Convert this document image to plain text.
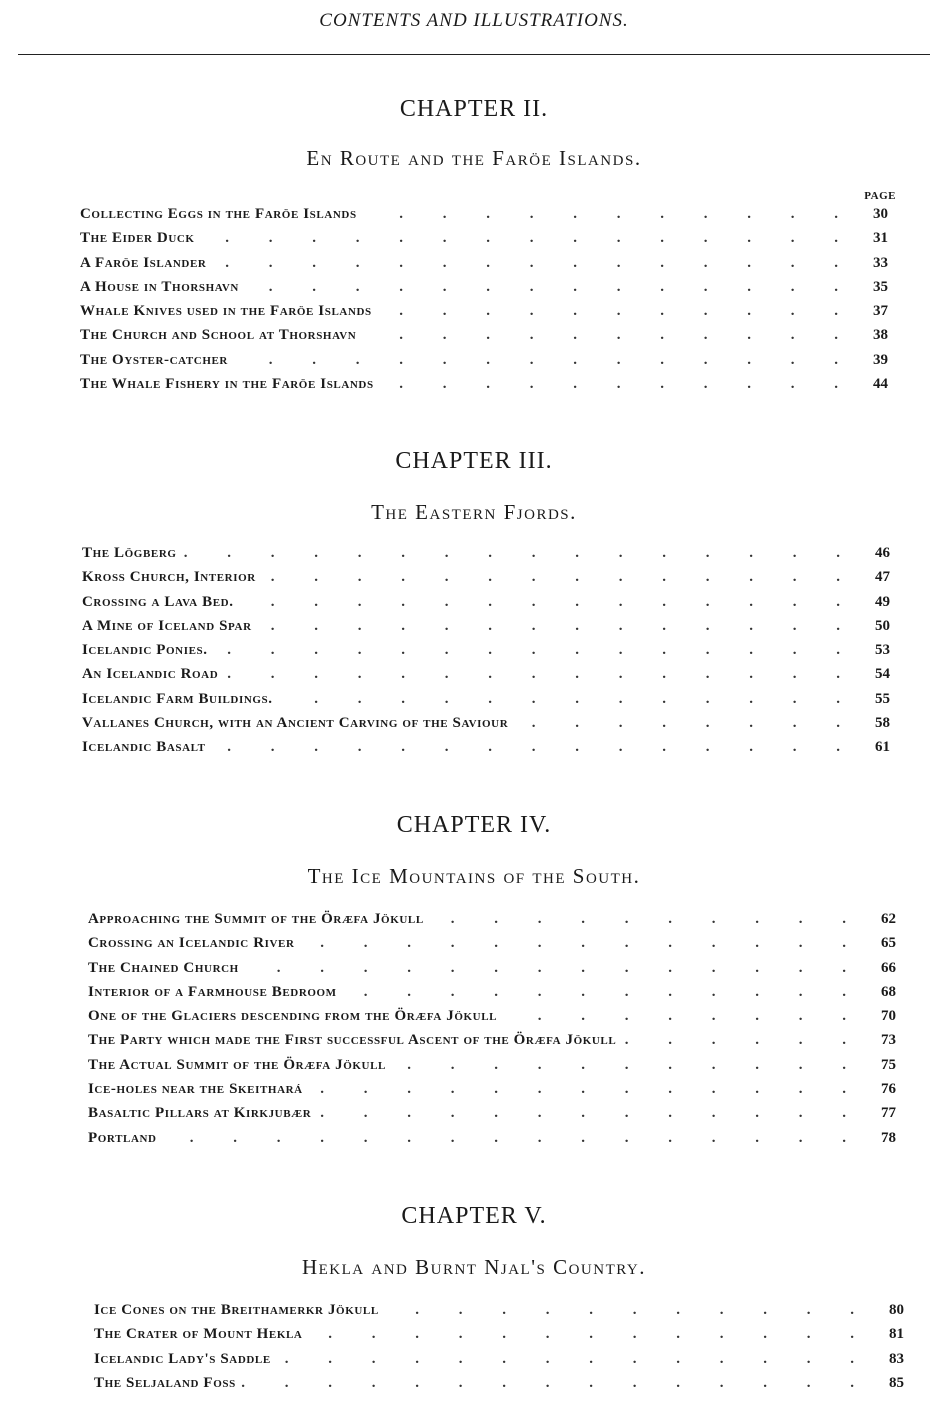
CONTENTS AND ILLUSTRATIONS.
CHAPTER II.
En Route and the Faröe Islands.
PAGE
Collecting Eggs in the Faröe Islands . . .	30
The Eider Duck . . .	31
A Faröe Islander . . .	33
A House in Thorshavn . . .	35
Whale Knives used in the Faröe Islands . . .	37
The Church and School at Thorshavn . . .	38
The Oyster-catcher . . .	39
The Whale Fishery in the Faröe Islands . . .	44
CHAPTER III.
The Eastern Fjords.
The Lögberg . . .	46
Kross Church, Interior . . .	47
Crossing a Lava Bed. . . .	49
A Mine of Iceland Spar . . .	50
Icelandic Ponies. . . .	53
An Icelandic Road . . .	54
Icelandic Farm Buildings. . . .	55
Vallanes Church, with an Ancient Carving of the Saviour . . .	58
Icelandic Basalt . . .	61
CHAPTER IV.
The Ice Mountains of the South.
Approaching the Summit of the Öræfa Jökull . . .	62
Crossing an Icelandic River . . .	65
The Chained Church . . .	66
Interior of a Farmhouse Bedroom . . .	68
One of the Glaciers descending from the Öræfa Jökull . . .	70
The Party which made the First successful Ascent of the Öræfa Jökull . . .	73
The Actual Summit of the Öræfa Jökull . . .	75
Ice-holes near the Skeithará . . .	76
Basaltic Pillars at Kirkjubær . . .	77
Portland . . .	78
CHAPTER V.
Hekla and Burnt Njal's Country.
Ice Cones on the Breithamerkr Jökull . . .	80
The Crater of Mount Hekla . . .	81
Icelandic Lady's Saddle . . .	83
The Seljaland Foss . . .	85
